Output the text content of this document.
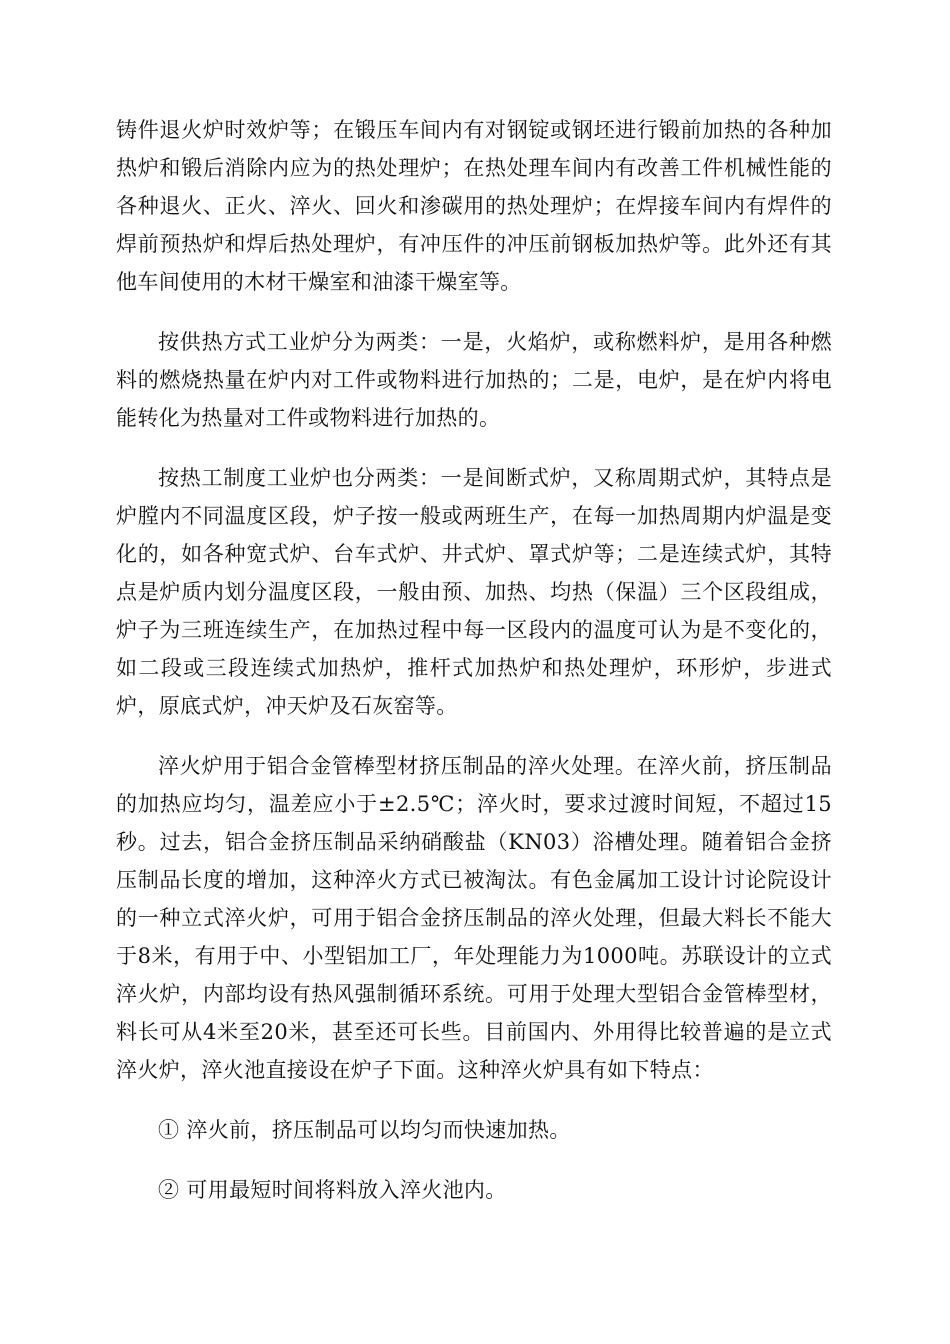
铸件退火炉时效炉等；在锻压车间内有对钢锭或钢坯进行锻前加热的各种加热炉和锻后消除内应为的热处理炉；在热处理车间内有改善工件机械性能的各种退火、正火、淬火、回火和渗碳用的热处理炉；在焊接车间内有焊件的焊前预热炉和焊后热处理炉，有冲压件的冲压前钢板加热炉等。此外还有其他车间使用的木材干燥室和油漆干燥室等。

按供热方式工业炉分为两类：一是，火焰炉，或称燃料炉，是用各种燃料的燃烧热量在炉内对工件或物料进行加热的；二是，电炉，是在炉内将电能转化为热量对工件或物料进行加热的。

按热工制度工业炉也分两类：一是间断式炉，又称周期式炉，其特点是炉膛内不同温度区段，炉子按一般或两班生产，在每一加热周期内炉温是变化的，如各种宽式炉、台车式炉、井式炉、罩式炉等；二是连续式炉，其特点是炉质内划分温度区段，一般由预、加热、均热（保温）三个区段组成，炉子为三班连续生产，在加热过程中每一区段内的温度可认为是不变化的，如二段或三段连续式加热炉，推杆式加热炉和热处理炉，环形炉，步进式炉，原底式炉，冲天炉及石灰窑等。

淬火炉用于铝合金管棒型材挤压制品的淬火处理。在淬火前，挤压制品的加热应均匀，温差应小于±2.5℃；淬火时，要求过渡时间短，不超过15秒。过去，铝合金挤压制品采纳硝酸盐（KN03）浴槽处理。随着铝合金挤压制品长度的增加，这种淬火方式已被淘汰。有色金属加工设计讨论院设计的一种立式淬火炉，可用于铝合金挤压制品的淬火处理，但最大料长不能大于8米，有用于中、小型铝加工厂，年处理能力为1000吨。苏联设计的立式淬火炉，内部均设有热风强制循环系统。可用于处理大型铝合金管棒型材，料长可从4米至20米，甚至还可长些。目前国内、外用得比较普遍的是立式淬火炉，淬火池直接设在炉子下面。这种淬火炉具有如下特点：

① 淬火前，挤压制品可以均匀而快速加热。

② 可用最短时间将料放入淬火池内。
